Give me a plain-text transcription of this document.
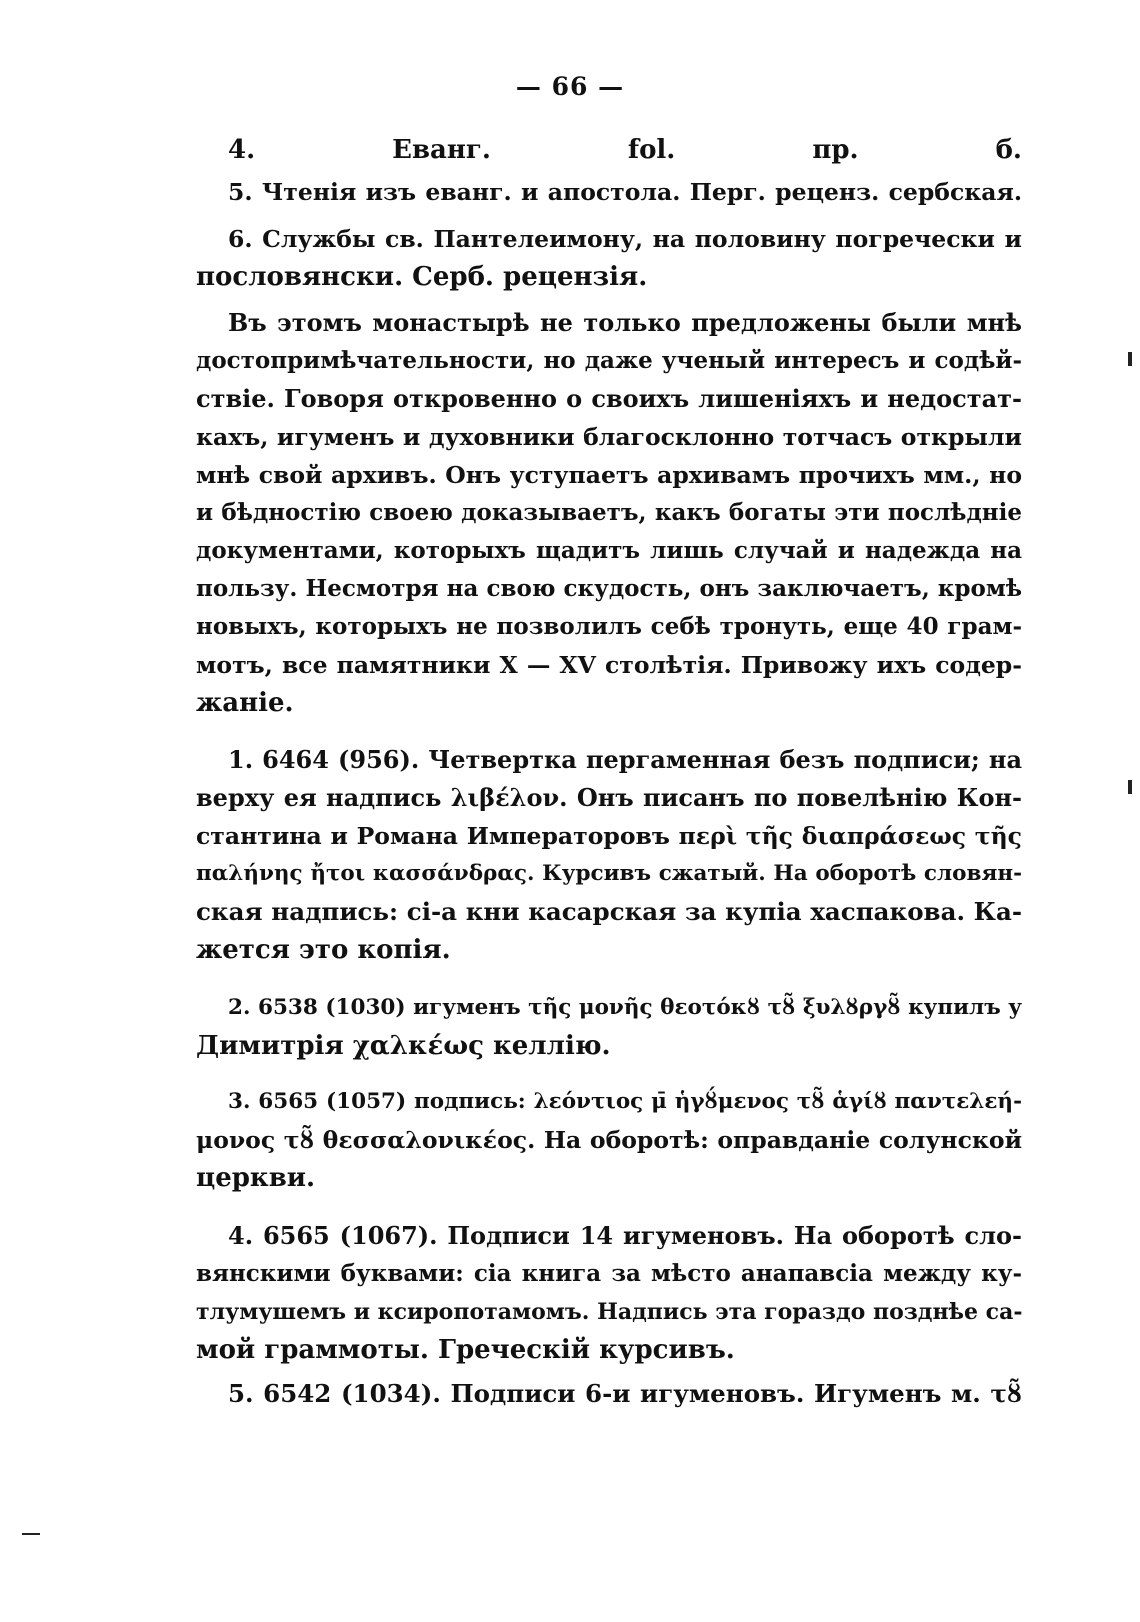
— 66 —
4. Еванг. fol. пр. б.
5. Чтенія изъ еванг. и апостола. Перг. реценз. сербская.
6. Службы св. Пантелеимону, на половину погречески и
пословянски. Серб. рецензія.
Въ этомъ монастырѣ не только предложены были мнѣ
достопримѣчательности, но даже ученый интересъ и содѣй-
ствіе. Говоря откровенно о своихъ лишеніяхъ и недостат-
кахъ, игуменъ и духовники благосклонно тотчасъ открыли
мнѣ свой архивъ. Онъ уступаетъ архивамъ прочихъ мм., но
и бѣдностію своею доказываетъ, какъ богаты эти послѣдніе
документами, которыхъ щадитъ лишь случай и надежда на
пользу. Несмотря на свою скудость, онъ заключаетъ, кромѣ
новыхъ, которыхъ не позволилъ себѣ тронуть, еще 40 грам-
мотъ, все памятники X — XV столѣтія. Привожу ихъ содер-
жаніе.
1. 6464 (956). Четвертка пергаменная безъ подписи; на
верху ея надпись λιβέλον. Онъ писанъ по повелѣнію Кон-
стантина и Романа Императоровъ περὶ τῆς διαπράσεως τῆς
παλήνης ἤτοι κασσάνδρας. Курсивъ сжатый. На оборотѣ словян-
ская надпись: сі-а кни касарская за купіа хаспакова. Ка-
жется это копія.
2. 6538 (1030) игуменъ τῆς μονῆς θεοτόκȣ τȣ̃ ξυλȣργȣ̃ купилъ у
Димитрія χαλκέως келлію.
3. 6565 (1057) подпись: λεόντιος μ̄ ἡγȣ́μενος τȣ̃ ἁγίȣ παντελεή-
μονος τȣ̃ θεσσαλονικέος. На оборотѣ: оправданіе солунской
церкви.
4. 6565 (1067). Подписи 14 игуменовъ. На оборотѣ сло-
вянскими буквами: сіа книга за мѣсто анапавсіа между ку-
тлумушемъ и ксиропотамомъ. Надпись эта гораздо позднѣе са-
мой граммоты. Греческій курсивъ.
5. 6542 (1034). Подписи 6-и игуменовъ. Игуменъ м. τȣ̃
